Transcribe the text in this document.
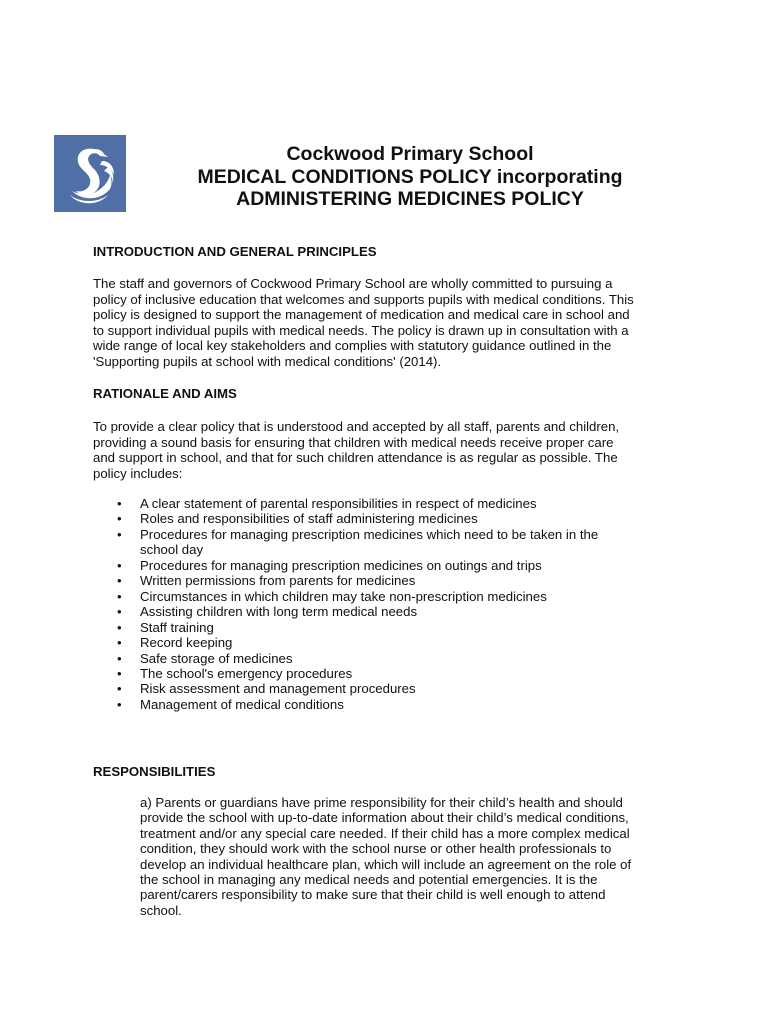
Cockwood Primary School

MEDICAL CONDITIONS POLICY incorporating

ADMINISTERING MEDICINES POLICY

INTRODUCTION AND GENERAL PRINCIPLES

The staff and governors of Cockwood Primary School are wholly committed to pursuing a
policy of inclusive education that welcomes and supports pupils with medical conditions. This
policy is designed to support the management of medication and medical care in school and
to support individual pupils with medical needs. The policy is drawn up in consultation with a
wide range of local key stakeholders and complies with statutory guidance outlined in the
'Supporting pupils at school with medical conditions' (2014).

RATIONALE AND AIMS

To provide a clear policy that is understood and accepted by all staff, parents and children,
providing a sound basis for ensuring that children with medical needs receive proper care
and support in school, and that for such children attendance is as regular as possible. The
policy includes:
• A clear statement of parental responsibilities in respect of medicines
• Roles and responsibilities of staff administering medicines
• Procedures for managing prescription medicines which need to be taken in the
school day
• Procedures for managing prescription medicines on outings and trips
• Written permissions from parents for medicines
• Circumstances in which children may take non-prescription medicines
• Assisting children with long term medical needs
• Staff training
• Record keeping
• Safe storage of medicines
• The school's emergency procedures
• Risk assessment and management procedures
• Management of medical conditions

RESPONSIBILITIES

a) Parents or guardians have prime responsibility for their child’s health and should
provide the school with up-to-date information about their child’s medical conditions,
treatment and/or any special care needed. If their child has a more complex medical
condition, they should work with the school nurse or other health professionals to
develop an individual healthcare plan, which will include an agreement on the role of
the school in managing any medical needs and potential emergencies. It is the
parent/carers responsibility to make sure that their child is well enough to attend
school.
